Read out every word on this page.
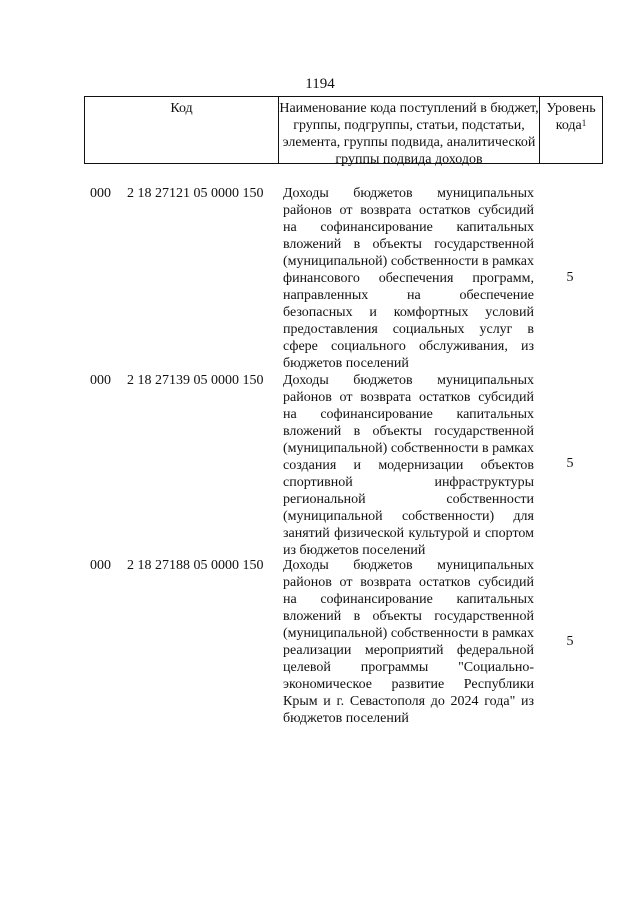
1194
Код	Наименование кода поступлений в бюджет, группы, подгруппы, статьи, подстатьи, элемента, группы подвида, аналитической группы подвида доходов
Уровень кода$^1$
000 2 18 27121 05 0000 150 Доходы бюджетов муниципальных районов от возврата остатков субсидий на софинансирование капитальных вложений в объекты государственной (муниципальной) собственности в рамках финансового обеспечения программ, направленных на обеспечение безопасных и комфортных условий предоставления социальных услуг в сфере социального обслуживания, из бюджетов поселений
5
000 2 18 27139 05 0000 150 Доходы бюджетов муниципальных районов от возврата остатков субсидий на софинансирование капитальных вложений в объекты государственной (муниципальной) собственности в рамках создания и модернизации объектов спортивной инфраструктуры региональной собственности (муниципальной собственности) для занятий физической культурой и спортом из бюджетов поселений
5
000 2 18 27188 05 0000 150 Доходы бюджетов муниципальных районов от возврата остатков субсидий на софинансирование капитальных вложений в объекты государственной (муниципальной) собственности в рамках реализации мероприятий федеральной целевой программы "Социально-экономическое развитие Республики Крым и г. Севастополя до 2024 года" из бюджетов поселений
5
